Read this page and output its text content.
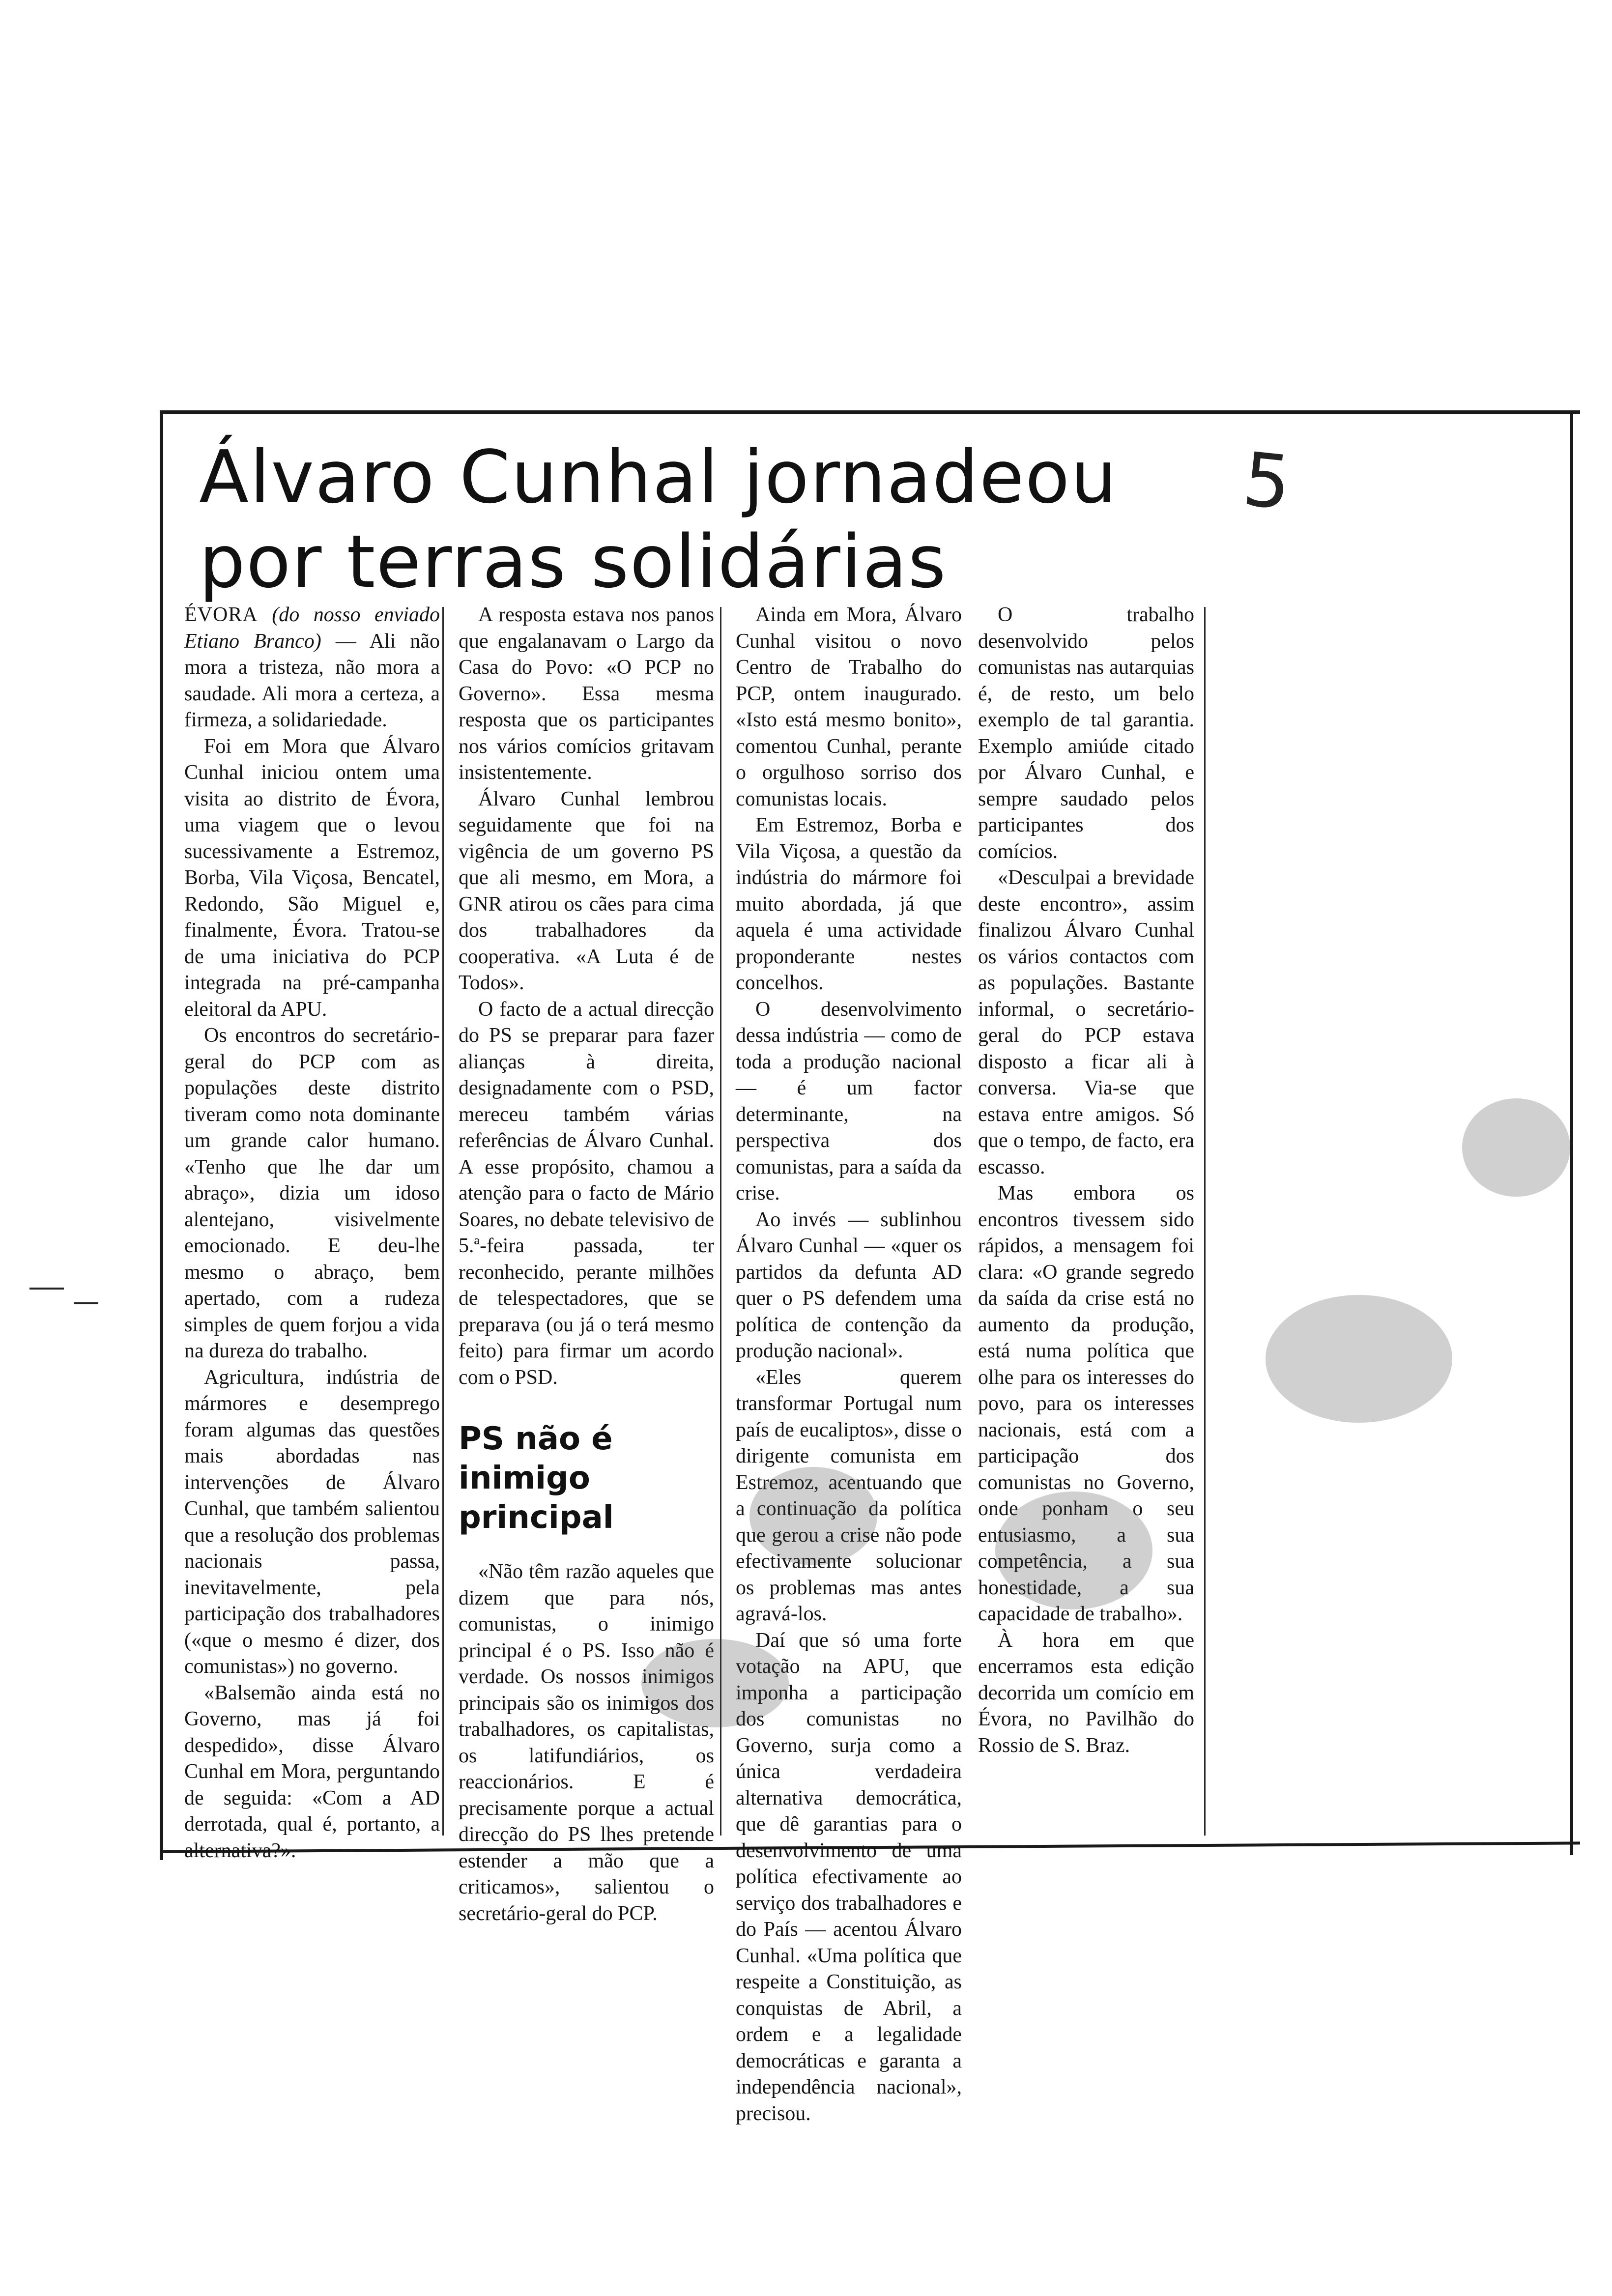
Álvaro Cunhal jornadeou
por terras solidárias
5

ÉVORA (do nosso enviado Etiano Branco) — Ali não mora a tristeza, não mora a saudade. Ali mora a certeza, a firmeza, a solidariedade.

Foi em Mora que Álvaro Cunhal iniciou ontem uma visita ao distrito de Évora, uma viagem que o levou sucessivamente a Estremoz, Borba, Vila Viçosa, Bencatel, Redondo, São Miguel e, finalmente, Évora. Tratou-se de uma iniciativa do PCP integrada na pré-campanha eleitoral da APU.

Os encontros do secretário-geral do PCP com as populações deste distrito tiveram como nota dominante um grande calor humano. «Tenho que lhe dar um abraço», dizia um idoso alentejano, visivelmente emocionado. E deu-lhe mesmo o abraço, bem apertado, com a rudeza simples de quem forjou a vida na dureza do trabalho.

Agricultura, indústria de mármores e desemprego foram algumas das questões mais abordadas nas intervenções de Álvaro Cunhal, que também salientou que a resolução dos problemas nacionais passa, inevitavelmente, pela participação dos trabalhadores («que o mesmo é dizer, dos comunistas») no governo.

«Balsemão ainda está no Governo, mas já foi despedido», disse Álvaro Cunhal em Mora, perguntando de seguida: «Com a AD derrotada, qual é, portanto, a alternativa?».

A resposta estava nos panos que engalanavam o Largo da Casa do Povo: «O PCP no Governo». Essa mesma resposta que os participantes nos vários comícios gritavam insistentemente.

Álvaro Cunhal lembrou seguidamente que foi na vigência de um governo PS que ali mesmo, em Mora, a GNR atirou os cães para cima dos trabalhadores da cooperativa. «A Luta é de Todos».

O facto de a actual direcção do PS se preparar para fazer alianças à direita, designadamente com o PSD, mereceu também várias referências de Álvaro Cunhal. A esse propósito, chamou a atenção para o facto de Mário Soares, no debate televisivo de 5.ª-feira passada, ter reconhecido, perante milhões de telespectadores, que se preparava (ou já o terá mesmo feito) para firmar um acordo com o PSD.

PS não é inimigo principal

«Não têm razão aqueles que dizem que para nós, comunistas, o inimigo principal é o PS. Isso não é verdade. Os nossos inimigos principais são os inimigos dos trabalhadores, os capitalistas, os latifundiários, os reaccionários. E é precisamente porque a actual direcção do PS lhes pretende estender a mão que a criticamos», salientou o secretário-geral do PCP.

Ainda em Mora, Álvaro Cunhal visitou o novo Centro de Trabalho do PCP, ontem inaugurado. «Isto está mesmo bonito», comentou Cunhal, perante o orgulhoso sorriso dos comunistas locais.

Em Estremoz, Borba e Vila Viçosa, a questão da indústria do mármore foi muito abordada, já que aquela é uma actividade proponderante nestes concelhos.

O desenvolvimento dessa indústria — como de toda a produção nacional — é um factor determinante, na perspectiva dos comunistas, para a saída da crise.

Ao invés — sublinhou Álvaro Cunhal — «quer os partidos da defunta AD quer o PS defendem uma política de contenção da produção nacional».

«Eles querem transformar Portugal num país de eucaliptos», disse o dirigente comunista em Estremoz, acentuando que a continuação da política que gerou a crise não pode efectivamente solucionar os problemas mas antes agravá-los.

Daí que só uma forte votação na APU, que imponha a participação dos comunistas no Governo, surja como a única verdadeira alternativa democrática, que dê garantias para o desenvolvimento de uma política efectivamente ao serviço dos trabalhadores e do País — acentou Álvaro Cunhal. «Uma política que respeite a Constituição, as conquistas de Abril, a ordem e a legalidade democráticas e garanta a independência nacional», precisou.

O trabalho desenvolvido pelos comunistas nas autarquias é, de resto, um belo exemplo de tal garantia. Exemplo amiúde citado por Álvaro Cunhal, e sempre saudado pelos participantes dos comícios.

«Desculpai a brevidade deste encontro», assim finalizou Álvaro Cunhal os vários contactos com as populações. Bastante informal, o secretário-geral do PCP estava disposto a ficar ali à conversa. Via-se que estava entre amigos. Só que o tempo, de facto, era escasso.

Mas embora os encontros tivessem sido rápidos, a mensagem foi clara: «O grande segredo da saída da crise está no aumento da produção, está numa política que olhe para os interesses do povo, para os interesses nacionais, está com a participação dos comunistas no Governo, onde ponham o seu entusiasmo, a sua competência, a sua honestidade, a sua capacidade de trabalho».

À hora em que encerramos esta edição decorrida um comício em Évora, no Pavilhão do Rossio de S. Braz.
